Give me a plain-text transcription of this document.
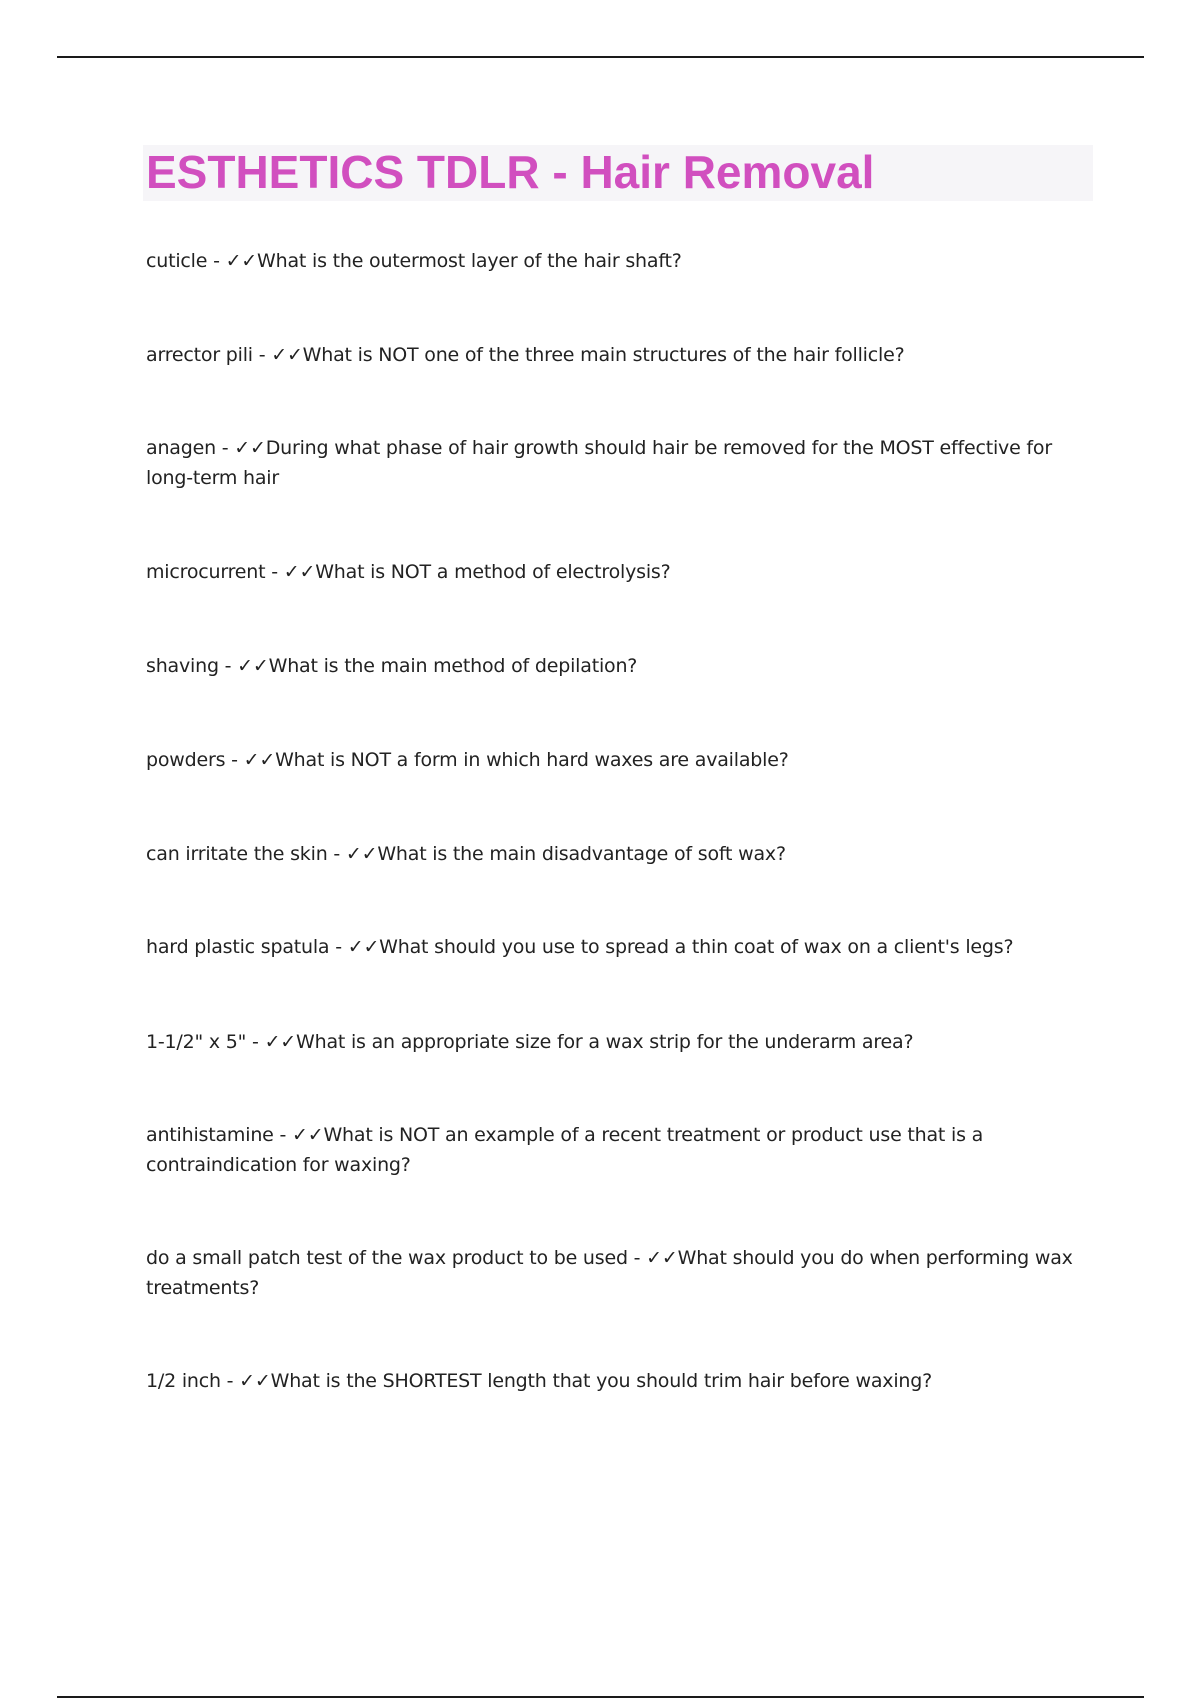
ESTHETICS TDLR - Hair Removal
cuticle - ✓✓What is the outermost layer of the hair shaft?
arrector pili - ✓✓What is NOT one of the three main structures of the hair follicle?
anagen - ✓✓During what phase of hair growth should hair be removed for the MOST effective for long-term hair
microcurrent - ✓✓What is NOT a method of electrolysis?
shaving - ✓✓What is the main method of depilation?
powders - ✓✓What is NOT a form in which hard waxes are available?
can irritate the skin - ✓✓What is the main disadvantage of soft wax?
hard plastic spatula - ✓✓What should you use to spread a thin coat of wax on a client's legs?
1-1/2" x 5" - ✓✓What is an appropriate size for a wax strip for the underarm area?
antihistamine - ✓✓What is NOT an example of a recent treatment or product use that is a contraindication for waxing?
do a small patch test of the wax product to be used - ✓✓What should you do when performing wax treatments?
1/2 inch - ✓✓What is the SHORTEST length that you should trim hair before waxing?
